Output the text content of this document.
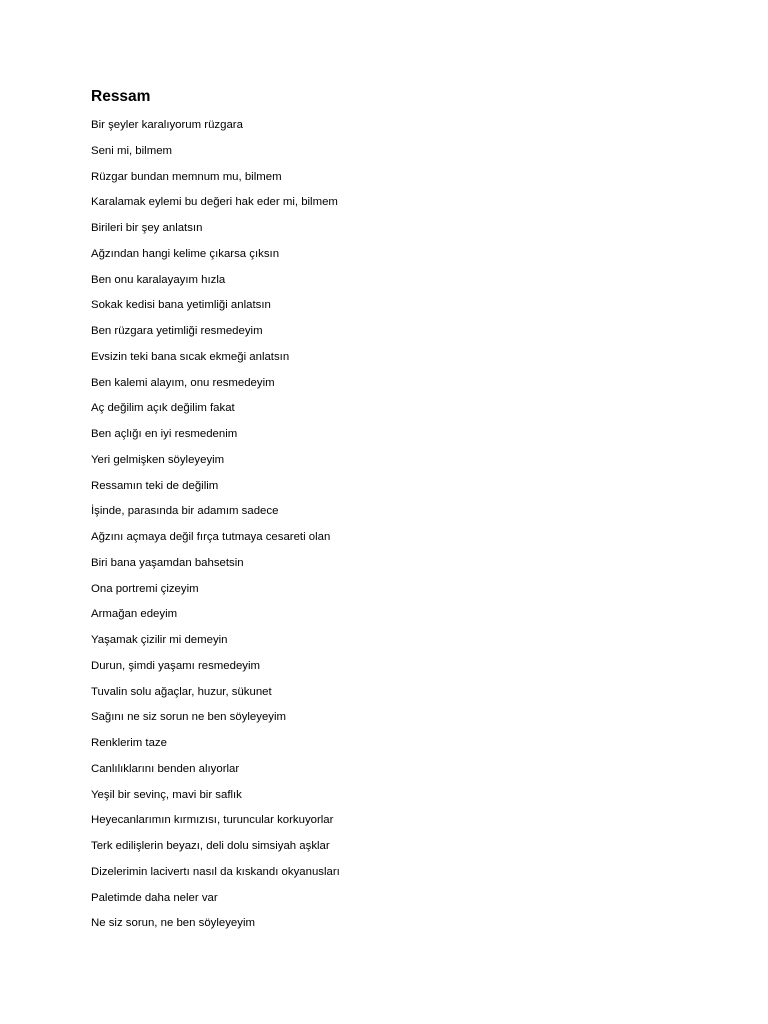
Ressam
Bir şeyler karalıyorum rüzgara
Seni mi, bilmem
Rüzgar bundan memnum mu, bilmem
Karalamak eylemi bu değeri hak eder mi, bilmem
Birileri bir şey anlatsın
Ağzından hangi kelime çıkarsa çıksın
Ben onu karalayayım hızla
Sokak kedisi bana yetimliği anlatsın
Ben rüzgara yetimliği resmedeyim
Evsizin teki bana sıcak ekmeği anlatsın
Ben kalemi alayım, onu resmedeyim
Aç değilim açık değilim fakat
Ben açlığı en iyi resmedenim
Yeri gelmişken söyleyeyim
Ressamın teki de değilim
İşinde, parasında bir adamım sadece
Ağzını açmaya değil fırça tutmaya cesareti olan
Biri bana yaşamdan bahsetsin
Ona portremi çizeyim
Armağan edeyim
Yaşamak çizilir mi demeyin
Durun, şimdi yaşamı resmedeyim
Tuvalin solu ağaçlar, huzur, sükunet
Sağını ne siz sorun ne ben söyleyeyim
Renklerim taze
Canlılıklarını benden alıyorlar
Yeşil bir sevinç, mavi bir saflık
Heyecanlarımın kırmızısı, turuncular korkuyorlar
Terk edilişlerin beyazı, deli dolu simsiyah aşklar
Dizelerimin lacivertı nasıl da kıskandı okyanusları
Paletimde daha neler var
Ne siz sorun, ne ben söyleyeyim
